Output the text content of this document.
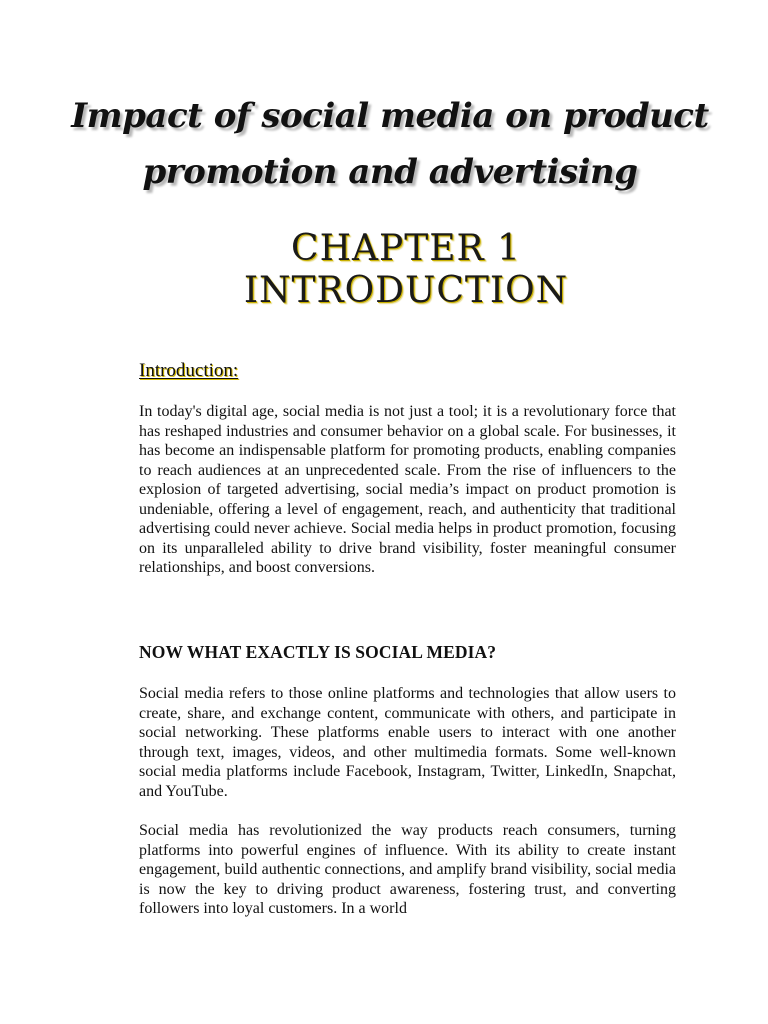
Impact of social media on product
promotion and advertising
CHAPTER 1
INTRODUCTION
Introduction:

In today's digital age, social media is not just a tool; it is a revolutionary force that has reshaped industries and consumer behavior on a global scale. For businesses, it has become an indispensable platform for promoting products, enabling companies to reach audiences at an unprecedented scale. From the rise of influencers to the explosion of targeted advertising, social media’s impact on product promotion is undeniable, offering a level of engagement, reach, and authenticity that traditional advertising could never achieve. Social media helps in product promotion, focusing on its unparalleled ability to drive brand visibility, foster meaningful consumer relationships, and boost conversions.

NOW WHAT EXACTLY IS SOCIAL MEDIA?

Social media refers to those online platforms and technologies that allow users to create, share, and exchange content, communicate with others, and participate in social networking. These platforms enable users to interact with one another through text, images, videos, and other multimedia formats. Some well-known social media platforms include Facebook, Instagram, Twitter, LinkedIn, Snapchat, and YouTube.

Social media has revolutionized the way products reach consumers, turning platforms into powerful engines of influence. With its ability to create instant engagement, build authentic connections, and amplify brand visibility, social media is now the key to driving product awareness, fostering trust, and converting followers into loyal customers. In a world
